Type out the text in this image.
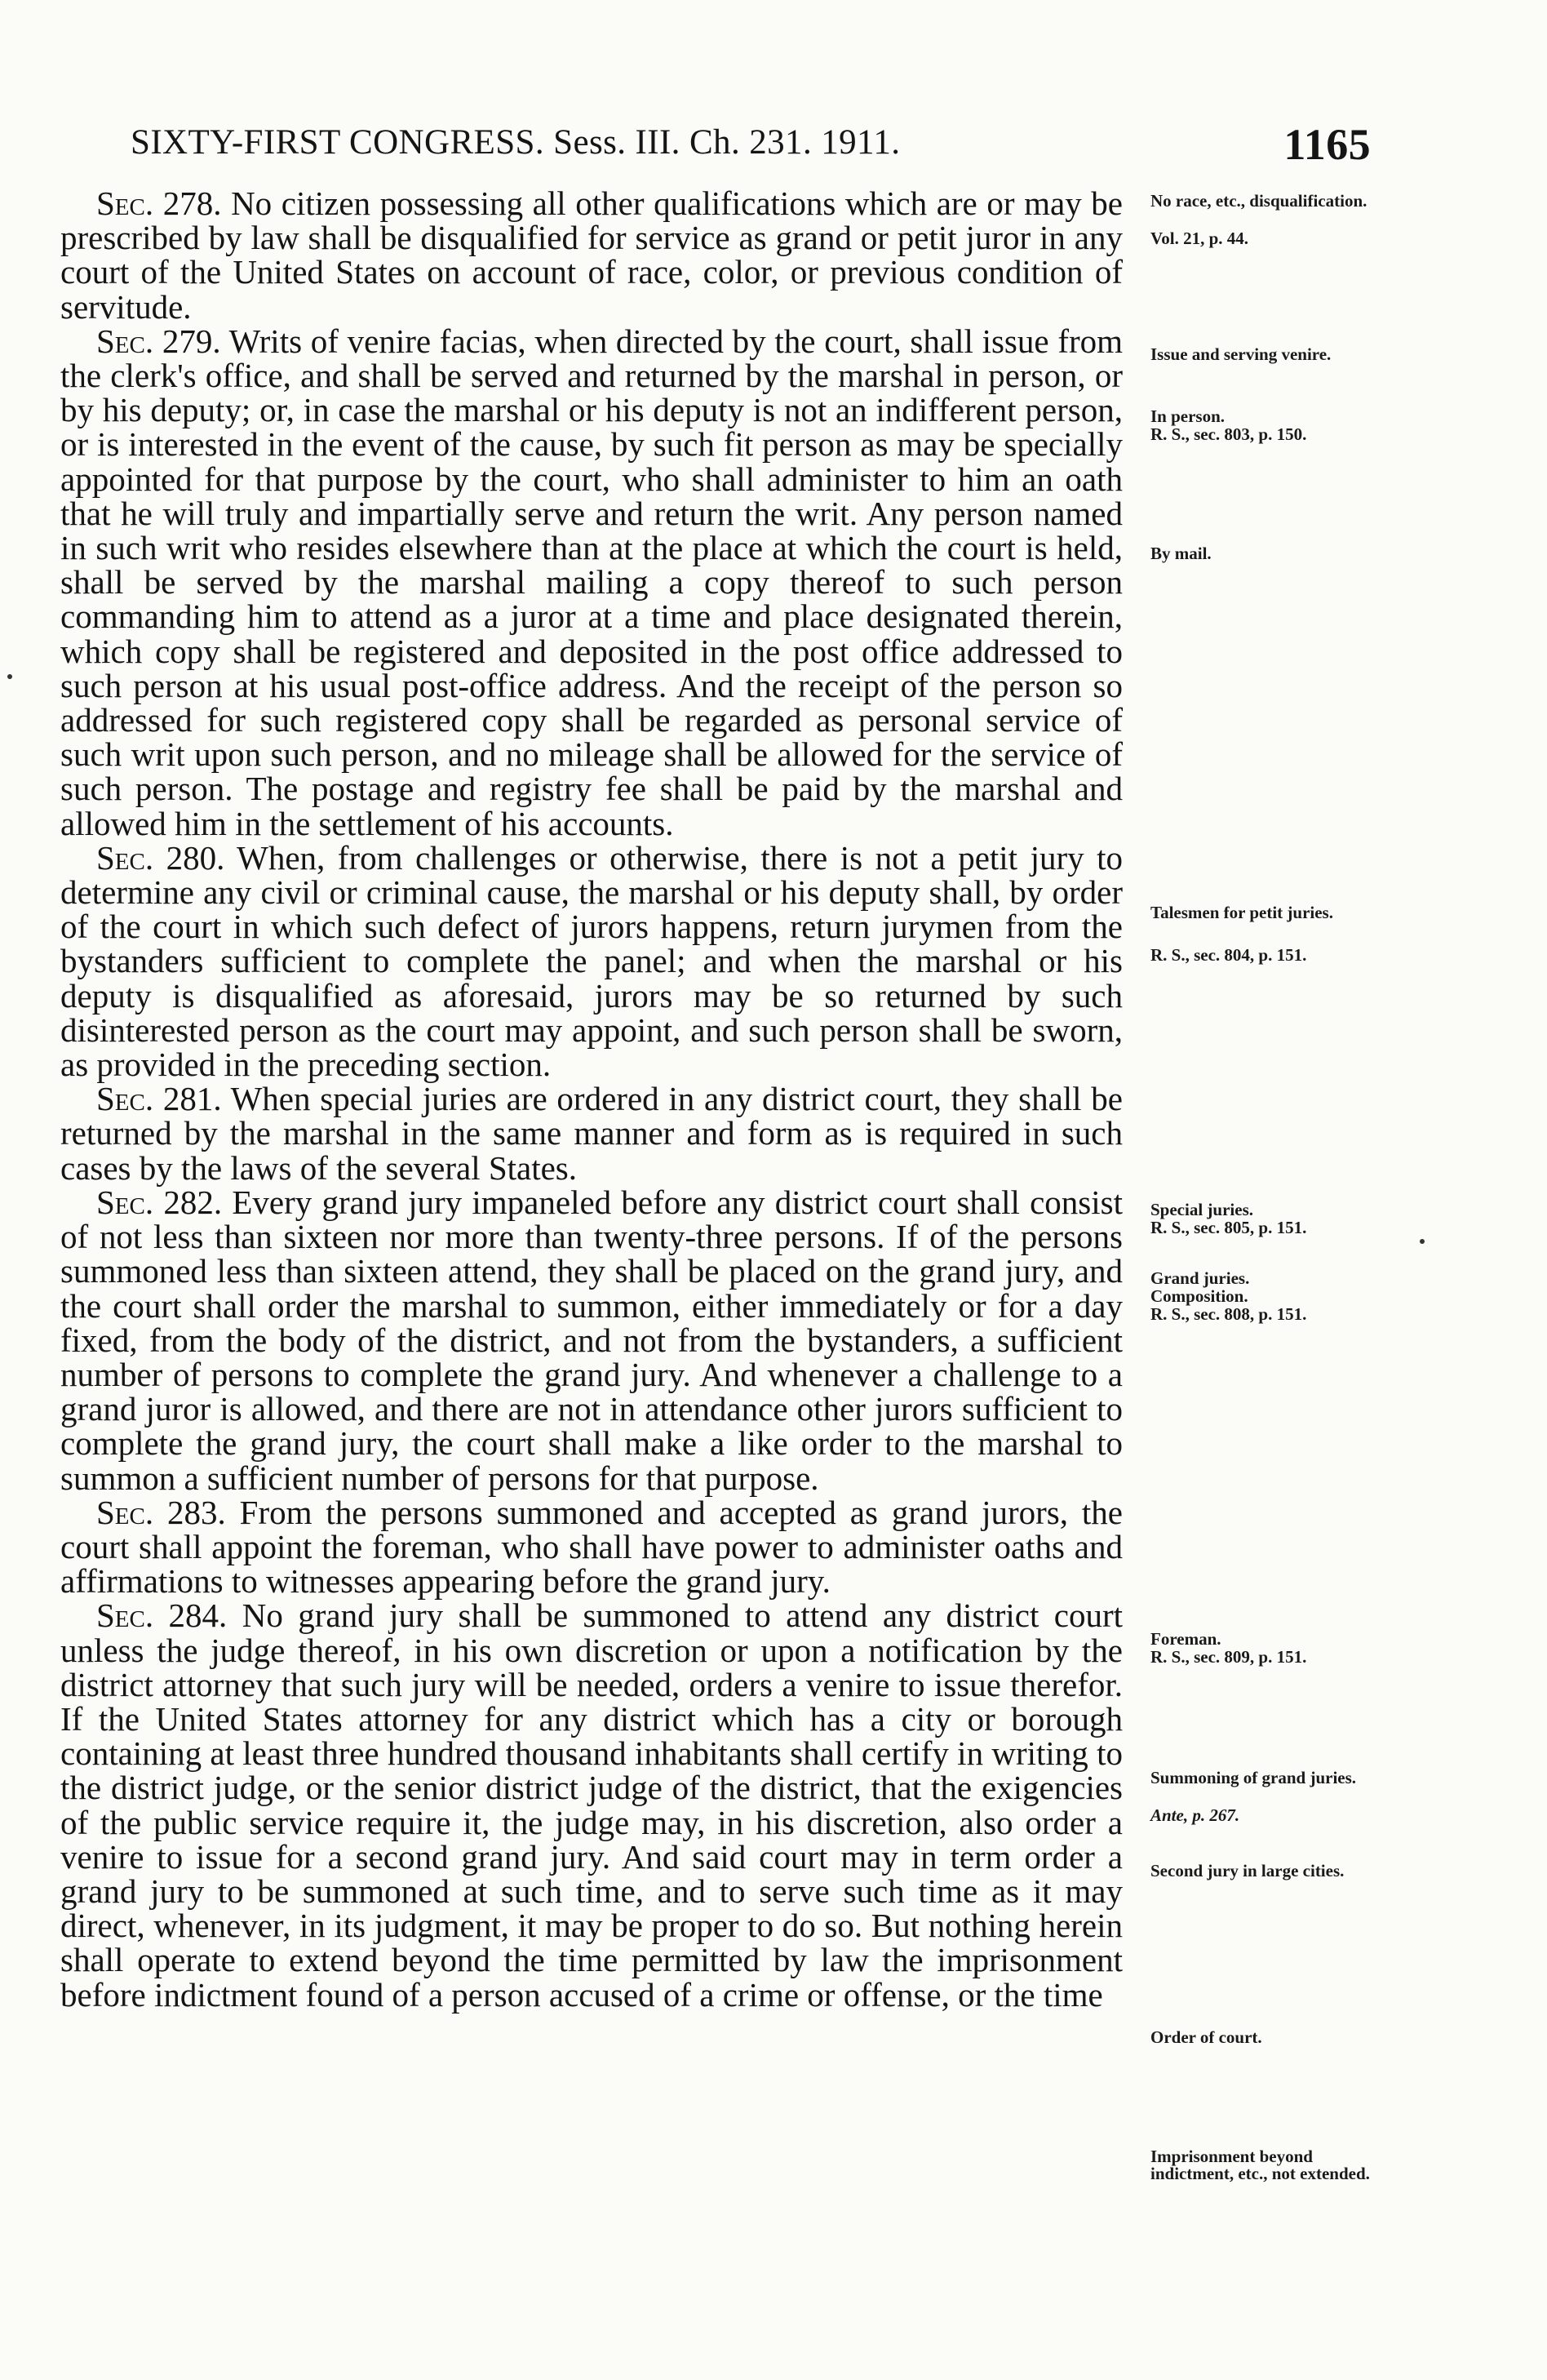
SIXTY-FIRST CONGRESS. Sess. III. Ch. 231. 1911.	1165

Sec. 278. No citizen possessing all other qualifications which are or may be prescribed by law shall be disqualified for service as grand or petit juror in any court of the United States on account of race, color, or previous condition of servitude.

Sec. 279. Writs of venire facias, when directed by the court, shall issue from the clerk's office, and shall be served and returned by the marshal in person, or by his deputy; or, in case the marshal or his deputy is not an indifferent person, or is interested in the event of the cause, by such fit person as may be specially appointed for that purpose by the court, who shall administer to him an oath that he will truly and impartially serve and return the writ. Any person named in such writ who resides elsewhere than at the place at which the court is held, shall be served by the marshal mailing a copy thereof to such person commanding him to attend as a juror at a time and place designated therein, which copy shall be registered and deposited in the post office addressed to such person at his usual post-office address. And the receipt of the person so addressed for such registered copy shall be regarded as personal service of such writ upon such person, and no mileage shall be allowed for the service of such person. The postage and registry fee shall be paid by the marshal and allowed him in the settlement of his accounts.

Sec. 280. When, from challenges or otherwise, there is not a petit jury to determine any civil or criminal cause, the marshal or his deputy shall, by order of the court in which such defect of jurors happens, return jurymen from the bystanders sufficient to complete the panel; and when the marshal or his deputy is disqualified as aforesaid, jurors may be so returned by such disinterested person as the court may appoint, and such person shall be sworn, as provided in the preceding section.

Sec. 281. When special juries are ordered in any district court, they shall be returned by the marshal in the same manner and form as is required in such cases by the laws of the several States.

Sec. 282. Every grand jury impaneled before any district court shall consist of not less than sixteen nor more than twenty-three persons. If of the persons summoned less than sixteen attend, they shall be placed on the grand jury, and the court shall order the marshal to summon, either immediately or for a day fixed, from the body of the district, and not from the bystanders, a sufficient number of persons to complete the grand jury. And whenever a challenge to a grand juror is allowed, and there are not in attendance other jurors sufficient to complete the grand jury, the court shall make a like order to the marshal to summon a sufficient number of persons for that purpose.

Sec. 283. From the persons summoned and accepted as grand jurors, the court shall appoint the foreman, who shall have power to administer oaths and affirmations to witnesses appearing before the grand jury.

Sec. 284. No grand jury shall be summoned to attend any district court unless the judge thereof, in his own discretion or upon a notification by the district attorney that such jury will be needed, orders a venire to issue therefor. If the United States attorney for any district which has a city or borough containing at least three hundred thousand inhabitants shall certify in writing to the district judge, or the senior district judge of the district, that the exigencies of the public service require it, the judge may, in his discretion, also order a venire to issue for a second grand jury. And said court may in term order a grand jury to be summoned at such time, and to serve such time as it may direct, whenever, in its judgment, it may be proper to do so. But nothing herein shall operate to extend beyond the time permitted by law the imprisonment before indictment found of a person accused of a crime or offense, or the time

No race, etc., disqualification.
Vol. 21, p. 44.
Issue and serving venire.
In person.
R. S., sec. 803, p. 150.
By mail.
Talesmen for petit juries.
R. S., sec. 804, p. 151.
Special juries.
R. S., sec. 805, p. 151.
Grand juries.
Composition.
R. S., sec. 808, p. 151.
Foreman.
R. S., sec. 809, p. 151.
Summoning of grand juries.
Ante, p. 267.
Second jury in large cities.
Order of court.
Imprisonment beyond indictment, etc., not extended.
